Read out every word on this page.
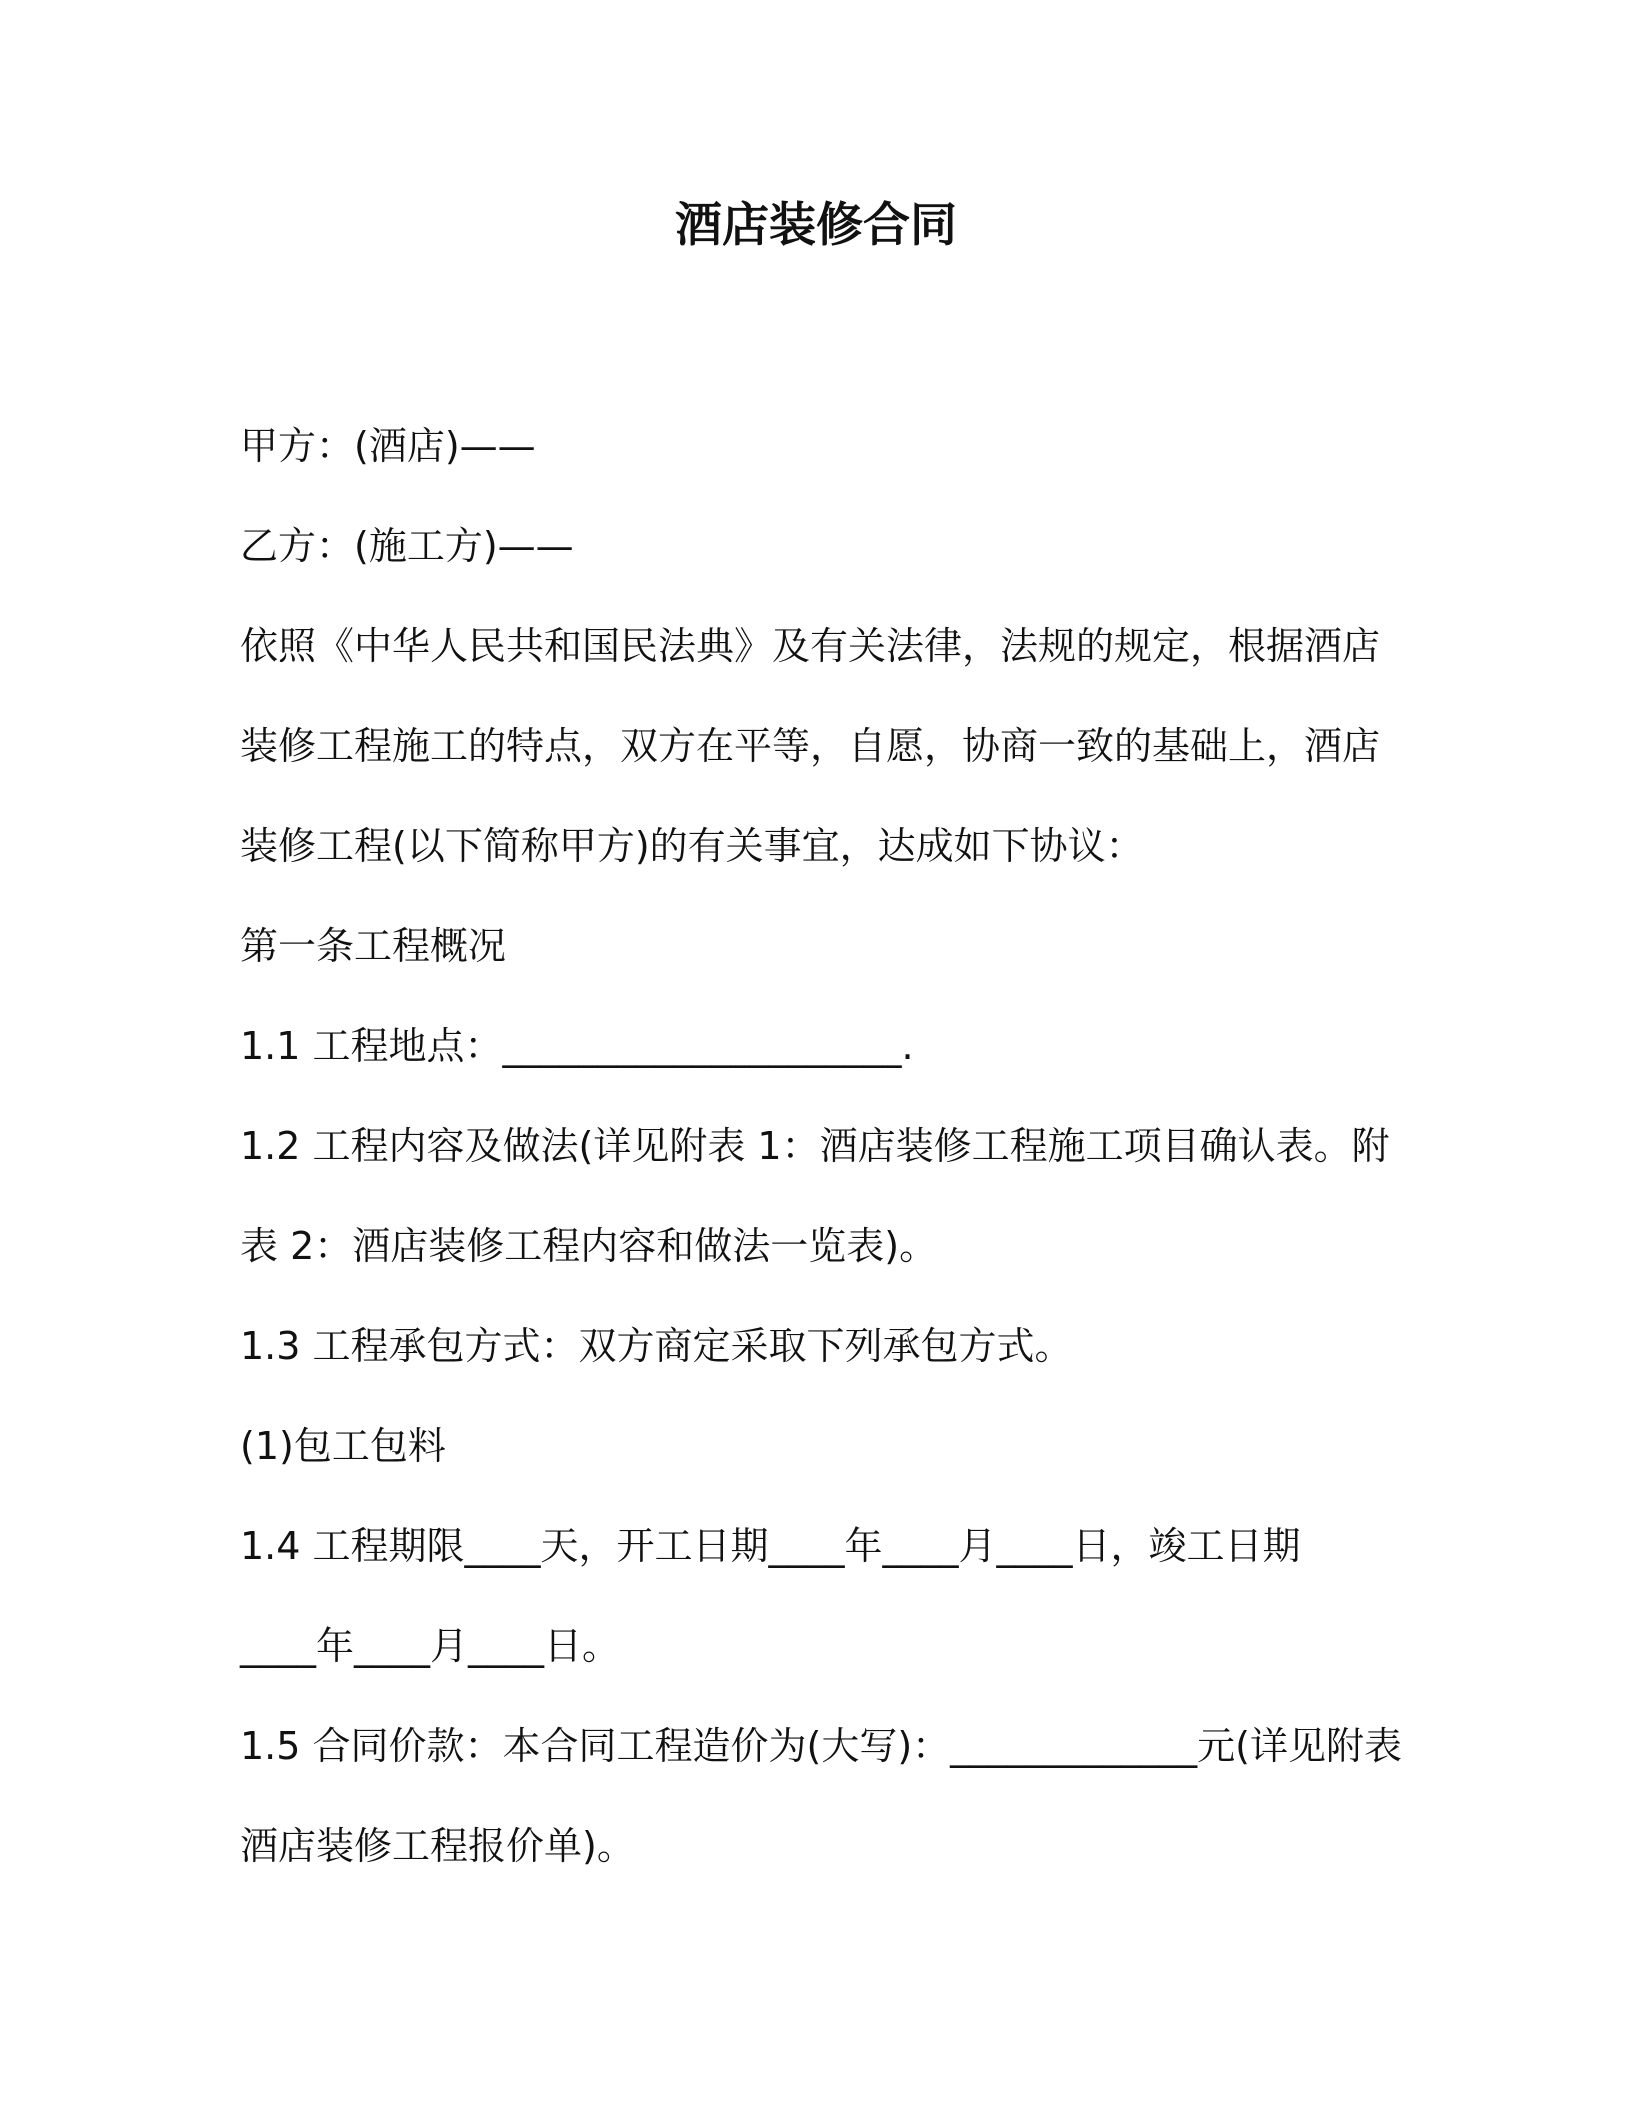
酒店装修合同
甲方：(酒店)——
乙方：(施工方)——
依照《中华人民共和国民法典》及有关法律，法规的规定，根据酒店
装修工程施工的特点，双方在平等，自愿，协商一致的基础上，酒店
装修工程(以下简称甲方)的有关事宜，达成如下协议：
第一条工程概况
1.1 工程地点：_____________________.
1.2 工程内容及做法(详见附表 1：酒店装修工程施工项目确认表。附
表 2：酒店装修工程内容和做法一览表)。
1.3 工程承包方式：双方商定采取下列承包方式。
(1)包工包料
1.4 工程期限____天，开工日期____年____月____日，竣工日期
____年____月____日。
1.5 合同价款：本合同工程造价为(大写)：_____________元(详见附表
酒店装修工程报价单)。
